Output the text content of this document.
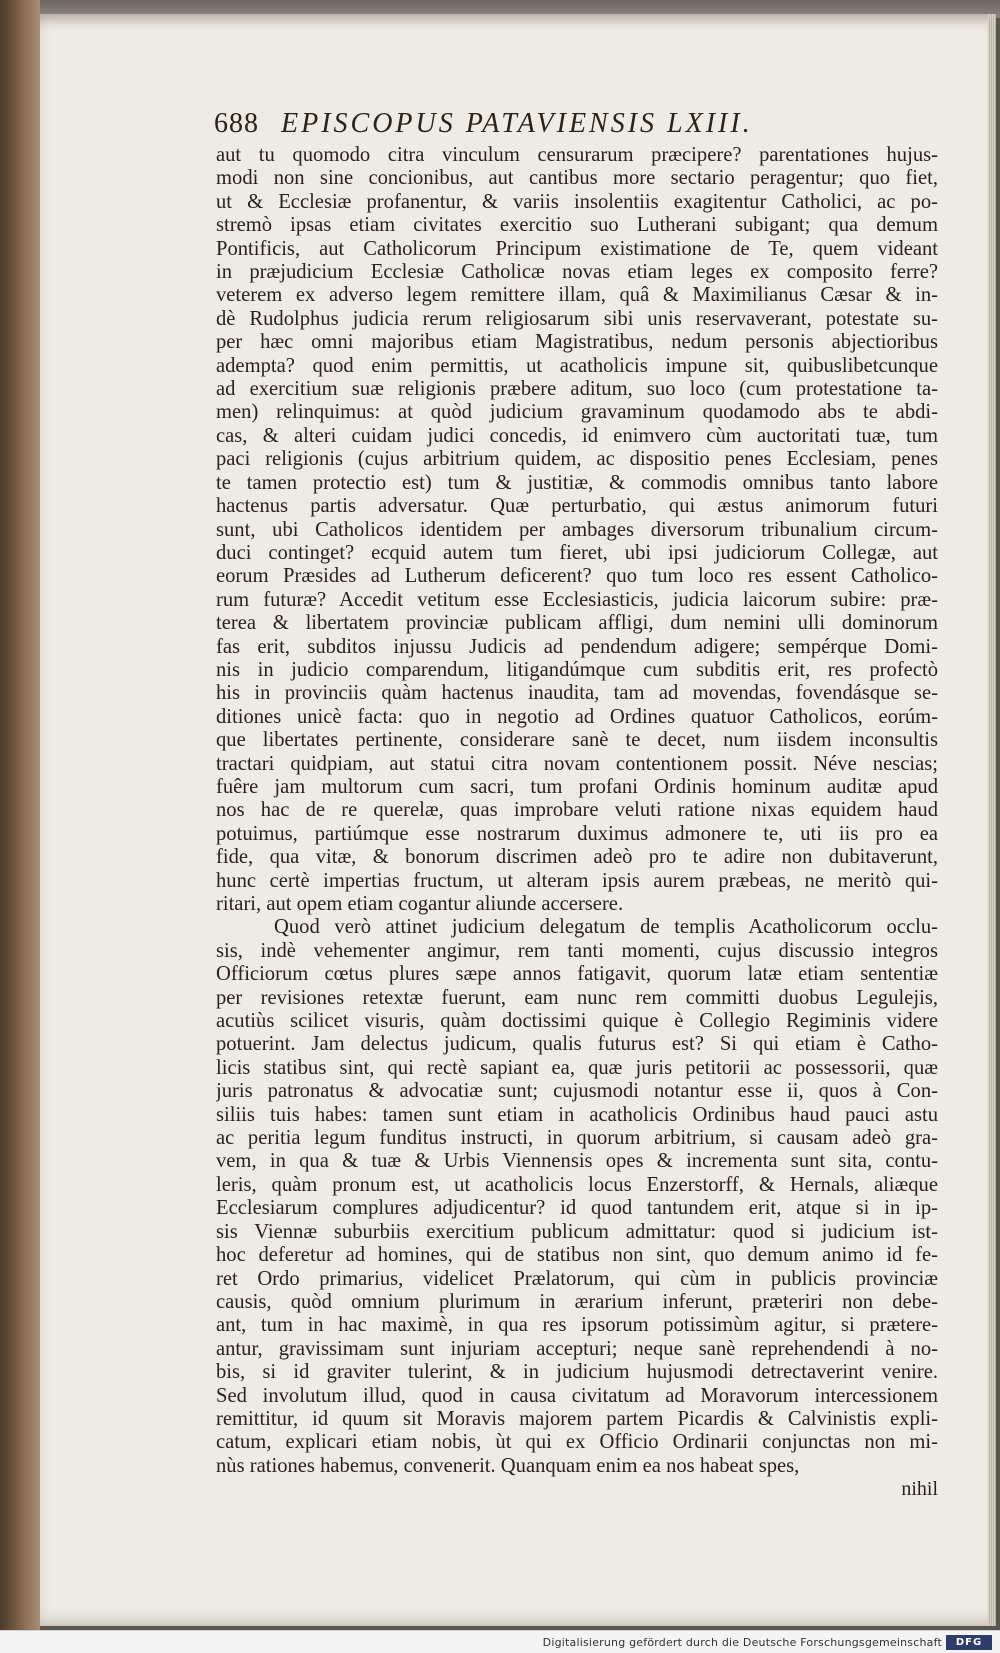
688 EPISCOPUS PATAVIENSIS LXIII.
aut tu quomodo citra vinculum censurarum præcipere? parentationes hujus-
modi non sine concionibus, aut cantibus more sectario peragentur; quo fiet,
ut & Ecclesiæ profanentur, & variis insolentiis exagitentur Catholici, ac po-
stremò ipsas etiam civitates exercitio suo Lutherani subigant; qua demum
Pontificis, aut Catholicorum Principum existimatione de Te, quem videant
in præjudicium Ecclesiæ Catholicæ novas etiam leges ex composito ferre?
veterem ex adverso legem remittere illam, quâ & Maximilianus Cæsar & in-
dè Rudolphus judicia rerum religiosarum sibi unis reservaverant, potestate su-
per hæc omni majoribus etiam Magistratibus, nedum personis abjectioribus
adempta? quod enim permittis, ut acatholicis impune sit, quibuslibetcunque
ad exercitium suæ religionis præbere aditum, suo loco (cum protestatione ta-
men) relinquimus: at quòd judicium gravaminum quodamodo abs te abdi-
cas, & alteri cuidam judici concedis, id enimvero cùm auctoritati tuæ, tum
paci religionis (cujus arbitrium quidem, ac dispositio penes Ecclesiam, penes
te tamen protectio est) tum & justitiæ, & commodis omnibus tanto labore
hactenus partis adversatur. Quæ perturbatio, qui æstus animorum futuri
sunt, ubi Catholicos identidem per ambages diversorum tribunalium circum-
duci continget? ecquid autem tum fieret, ubi ipsi judiciorum Collegæ, aut
eorum Præsides ad Lutherum deficerent? quo tum loco res essent Catholico-
rum futuræ? Accedit vetitum esse Ecclesiasticis, judicia laicorum subire: præ-
terea & libertatem provinciæ publicam affligi, dum nemini ulli dominorum
fas erit, subditos injussu Judicis ad pendendum adigere; sempérque Domi-
nis in judicio comparendum, litigandúmque cum subditis erit, res profectò
his in provinciis quàm hactenus inaudita, tam ad movendas, fovendásque se-
ditiones unicè facta: quo in negotio ad Ordines quatuor Catholicos, eorúm-
que libertates pertinente, considerare sanè te decet, num iisdem inconsultis
tractari quidpiam, aut statui citra novam contentionem possit. Néve nescias;
fuêre jam multorum cum sacri, tum profani Ordinis hominum auditæ apud
nos hac de re querelæ, quas improbare veluti ratione nixas equidem haud
potuimus, partiúmque esse nostrarum duximus admonere te, uti iis pro ea
fide, qua vitæ, & bonorum discrimen adeò pro te adire non dubitaverunt,
hunc certè impertias fructum, ut alteram ipsis aurem præbeas, ne meritò qui-
ritari, aut opem etiam cogantur aliunde accersere.
Quod verò attinet judicium delegatum de templis Acatholicorum occlu-
sis, indè vehementer angimur, rem tanti momenti, cujus discussio integros
Officiorum cœtus plures sæpe annos fatigavit, quorum latæ etiam sententiæ
per revisiones retextæ fuerunt, eam nunc rem committi duobus Legulejis,
acutiùs scilicet visuris, quàm doctissimi quique è Collegio Regiminis videre
potuerint. Jam delectus judicum, qualis futurus est? Si qui etiam è Catho-
licis statibus sint, qui rectè sapiant ea, quæ juris petitorii ac possessorii, quæ
juris patronatus & advocatiæ sunt; cujusmodi notantur esse ii, quos à Con-
siliis tuis habes: tamen sunt etiam in acatholicis Ordinibus haud pauci astu
ac peritia legum funditus instructi, in quorum arbitrium, si causam adeò gra-
vem, in qua & tuæ & Urbis Viennensis opes & incrementa sunt sita, contu-
leris, quàm pronum est, ut acatholicis locus Enzerstorff, & Hernals, aliæque
Ecclesiarum complures adjudicentur? id quod tantundem erit, atque si in ip-
sis Viennæ suburbiis exercitium publicum admittatur: quod si judicium ist-
hoc deferetur ad homines, qui de statibus non sint, quo demum animo id fe-
ret Ordo primarius, videlicet Prælatorum, qui cùm in publicis provinciæ
causis, quòd omnium plurimum in ærarium inferunt, præteriri non debe-
ant, tum in hac maximè, in qua res ipsorum potissimùm agitur, si prætere-
antur, gravissimam sunt injuriam accepturi; neque sanè reprehendendi à no-
bis, si id graviter tulerint, & in judicium hujusmodi detrectaverint venire.
Sed involutum illud, quod in causa civitatum ad Moravorum intercessionem
remittitur, id quum sit Moravis majorem partem Picardis & Calvinistis expli-
catum, explicari etiam nobis, ùt qui ex Officio Ordinarii conjunctas non mi-
nùs rationes habemus, convenerit. Quanquam enim ea nos habeat spes,
nihil
Digitalisierung gefördert durch die Deutsche Forschungsgemeinschaft	DFG
